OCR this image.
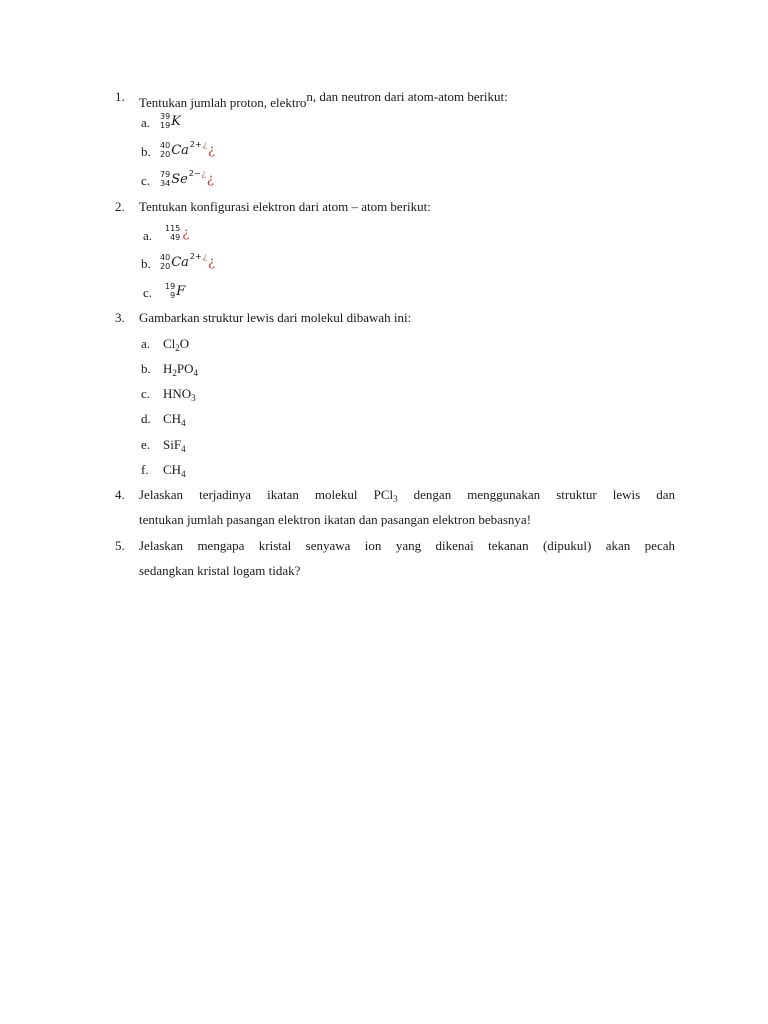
1. Tentukan jumlah proton, elektron, dan neutron dari atom-atom berikut:
a. 39
19 K
b. 40
20 Ca 2+ ¿ ¿
c. 79
34 Se 2− ¿ ¿
2. Tentukan konfigurasi elektron dari atom – atom berikut:
a. 115
49 ¿
b. 40
20 Ca 2+ ¿ ¿
c. 19
9 F
3. Gambarkan struktur lewis dari molekul dibawah ini:
a. $Cl_2O$
b. $H_2PO_4$
c. $HNO_3$
d. $CH_4$
e. SiF$_4$
f. $CH_4$
4. Jelaskan terjadinya ikatan molekul PCl$_3$ dengan menggunakan struktur lewis dan
tentukan jumlah pasangan elektron ikatan dan pasangan elektron bebasnya!
5. Jelaskan mengapa kristal senyawa ion yang dikenai tekanan (dipukul) akan pecah
sedangkan kristal logam tidak?
